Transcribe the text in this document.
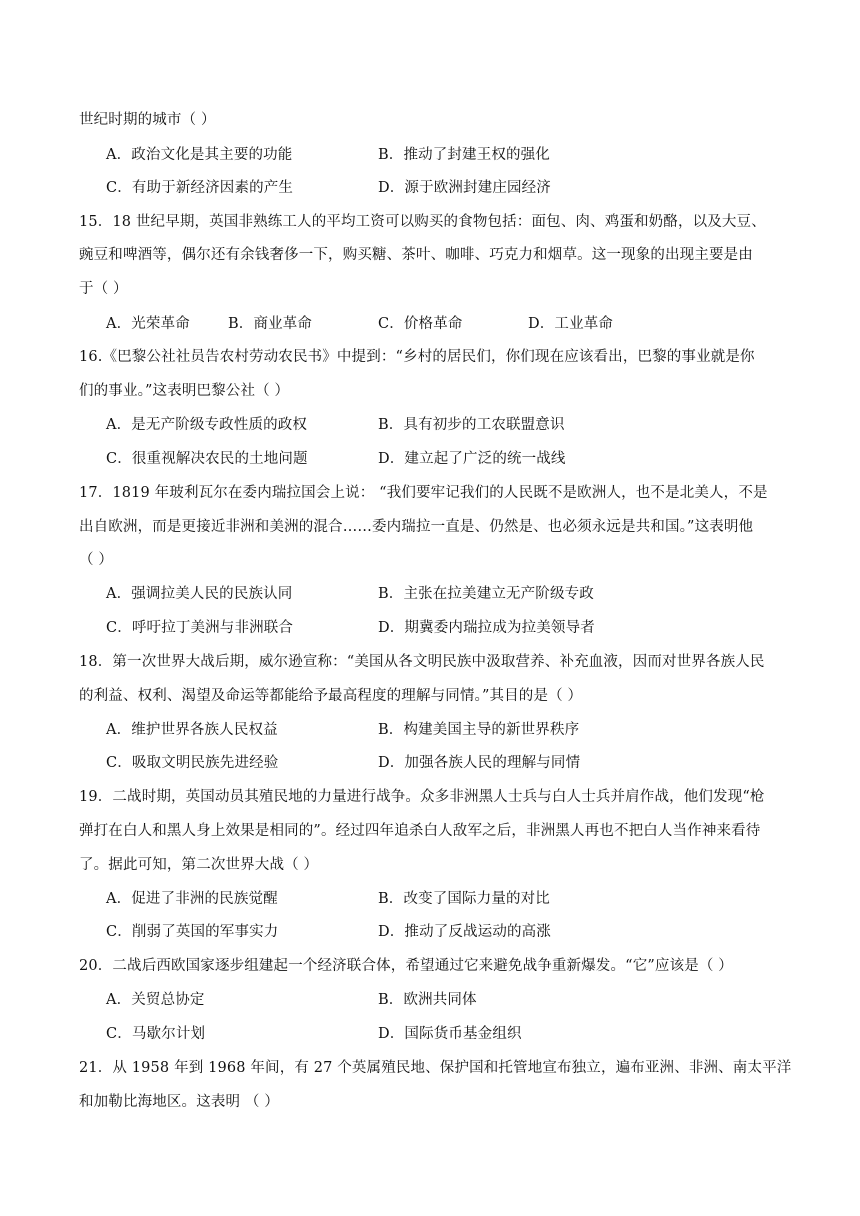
世纪时期的城市（ ）
A．政治文化是其主要的功能	B．推动了封建王权的强化
C．有助于新经济因素的产生	D．源于欧洲封建庄园经济
15．18 世纪早期，英国非熟练工人的平均工资可以购买的食物包括：面包、肉、鸡蛋和奶酪，以及大豆、
豌豆和啤酒等，偶尔还有余钱奢侈一下，购买糖、茶叶、咖啡、巧克力和烟草。这一现象的出现主要是由
于（ ）
A．光荣革命	B．商业革命	C．价格革命	D．工业革命
16.《巴黎公社社员告农村劳动农民书》中提到：“乡村的居民们，你们现在应该看出，巴黎的事业就是你
们的事业。”这表明巴黎公社（ ）
A．是无产阶级专政性质的政权	B．具有初步的工农联盟意识
C．很重视解决农民的土地问题	D．建立起了广泛的统一战线
17．1819 年玻利瓦尔在委内瑞拉国会上说： “我们要牢记我们的人民既不是欧洲人，也不是北美人，不是
出自欧洲，而是更接近非洲和美洲的混合……委内瑞拉一直是、仍然是、也必须永远是共和国。”这表明他
（ ）
A．强调拉美人民的民族认同	B．主张在拉美建立无产阶级专政
C．呼吁拉丁美洲与非洲联合	D．期冀委内瑞拉成为拉美领导者
18．第一次世界大战后期，威尔逊宣称：“美国从各文明民族中汲取营养、补充血液，因而对世界各族人民
的利益、权利、渴望及命运等都能给予最高程度的理解与同情。”其目的是（ ）
A．维护世界各族人民权益	B．构建美国主导的新世界秩序
C．吸取文明民族先进经验	D．加强各族人民的理解与同情
19．二战时期，英国动员其殖民地的力量进行战争。众多非洲黑人士兵与白人士兵并肩作战，他们发现“枪
弹打在白人和黑人身上效果是相同的”。经过四年追杀白人敌军之后，非洲黑人再也不把白人当作神来看待
了。据此可知，第二次世界大战（ ）
A．促进了非洲的民族觉醒	B．改变了国际力量的对比
C．削弱了英国的军事实力	D．推动了反战运动的高涨
20．二战后西欧国家逐步组建起一个经济联合体，希望通过它来避免战争重新爆发。“它”应该是（ ）
A．关贸总协定	B．欧洲共同体
C．马歇尔计划	D．国际货币基金组织
21．从 1958 年到 1968 年间，有 27 个英属殖民地、保护国和托管地宣布独立，遍布亚洲、非洲、南太平洋
和加勒比海地区。这表明 （ ）
